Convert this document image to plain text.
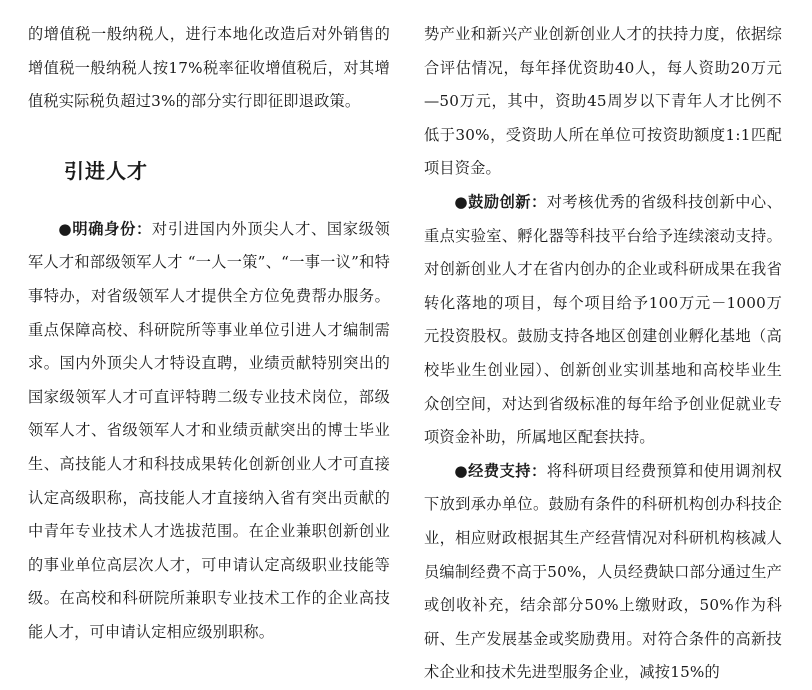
的增值税一般纳税人，进行本地化改造后对外销售的增值税一般纳税人按17%税率征收增值税后，对其增值税实际税负超过3%的部分实行即征即退政策。

引进人才

●明确身份：对引进国内外顶尖人才、国家级领军人才和部级领军人才 “一人一策”、“一事一议”和特事特办，对省级领军人才提供全方位免费帮办服务。重点保障高校、科研院所等事业单位引进人才编制需求。国内外顶尖人才特设直聘，业绩贡献特别突出的国家级领军人才可直评特聘二级专业技术岗位，部级领军人才、省级领军人才和业绩贡献突出的博士毕业生、高技能人才和科技成果转化创新创业人才可直接认定高级职称，高技能人才直接纳入省有突出贡献的中青年专业技术人才选拔范围。在企业兼职创新创业的事业单位高层次人才，可申请认定高级职业技能等级。在高校和科研院所兼职专业技术工作的企业高技能人才，可申请认定相应级别职称。

势产业和新兴产业创新创业人才的扶持力度，依据综合评估情况，每年择优资助40人，每人资助20万元—50万元，其中，资助45周岁以下青年人才比例不低于30%，受资助人所在单位可按资助额度1:1匹配项目资金。

●鼓励创新：对考核优秀的省级科技创新中心、重点实验室、孵化器等科技平台给予连续滚动支持。对创新创业人才在省内创办的企业或科研成果在我省转化落地的项目，每个项目给予100万元－1000万元投资股权。鼓励支持各地区创建创业孵化基地（高校毕业生创业园）、创新创业实训基地和高校毕业生众创空间，对达到省级标准的每年给予创业促就业专项资金补助，所属地区配套扶持。

●经费支持：将科研项目经费预算和使用调剂权下放到承办单位。鼓励有条件的科研机构创办科技企业，相应财政根据其生产经营情况对科研机构核减人员编制经费不高于50%，人员经费缺口部分通过生产或创收补充，结余部分50%上缴财政，50%作为科研、生产发展基金或奖励费用。对符合条件的高新技术企业和技术先进型服务企业，减按15%的
